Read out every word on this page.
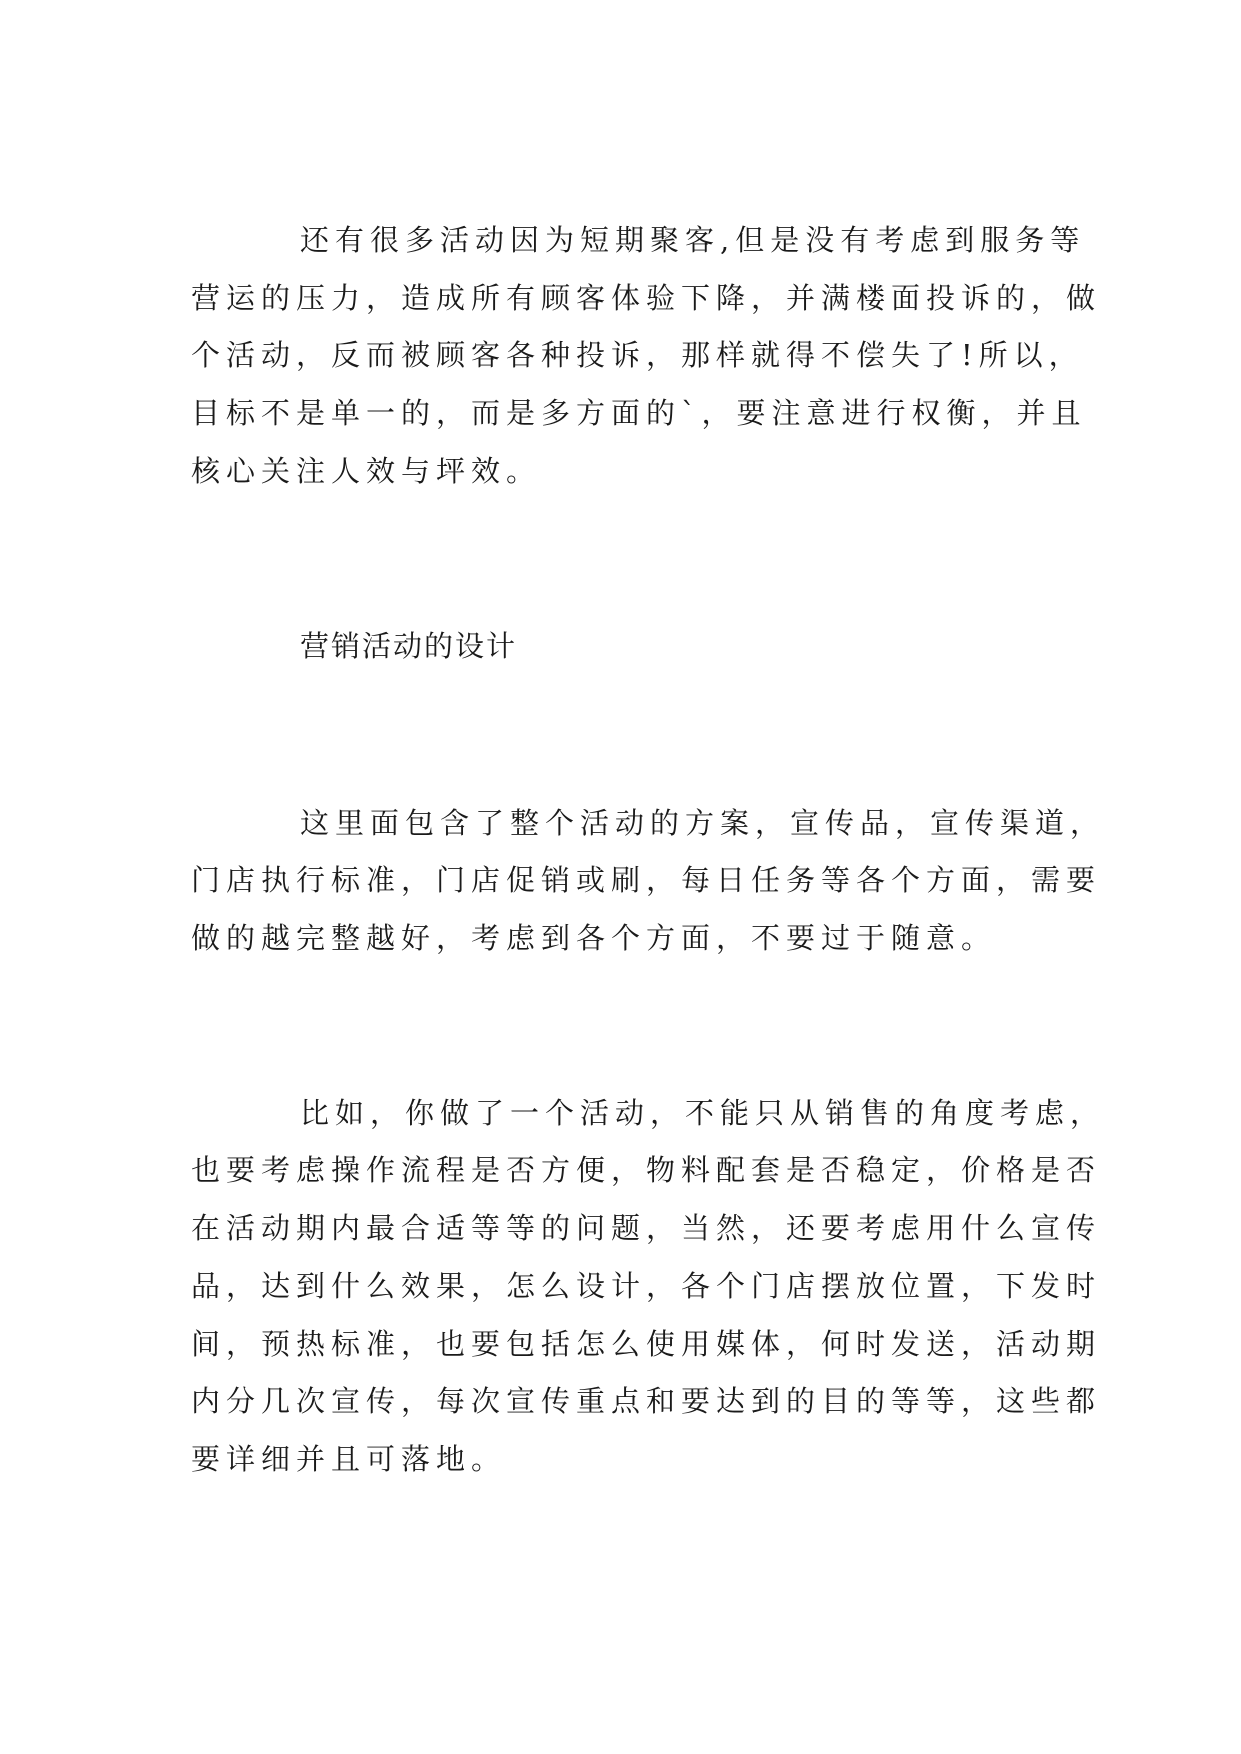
还有很多活动因为短期聚客,但是没有考虑到服务等
营运的压力，造成所有顾客体验下降，并满楼面投诉的，做
个活动，反而被顾客各种投诉，那样就得不偿失了!所以，
目标不是单一的，而是多方面的`，要注意进行权衡，并且
核心关注人效与坪效。
营销活动的设计
这里面包含了整个活动的方案，宣传品，宣传渠道，
门店执行标准，门店促销或刷，每日任务等各个方面，需要
做的越完整越好，考虑到各个方面，不要过于随意。
比如，你做了一个活动，不能只从销售的角度考虑，
也要考虑操作流程是否方便，物料配套是否稳定，价格是否
在活动期内最合适等等的问题，当然，还要考虑用什么宣传
品，达到什么效果，怎么设计，各个门店摆放位置，下发时
间，预热标准，也要包括怎么使用媒体，何时发送，活动期
内分几次宣传，每次宣传重点和要达到的目的等等，这些都
要详细并且可落地。
